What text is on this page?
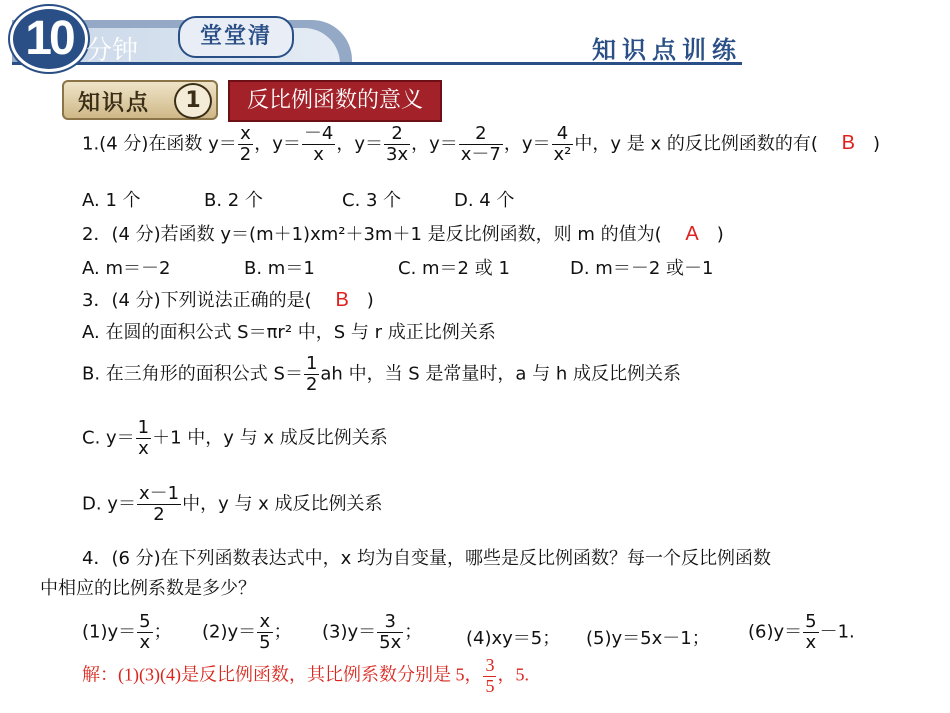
10 分钟	堂堂清	知识点训练
知识点	1	反比例函数的意义
1.(4 分)在函数 $y= \frac{x}{2}$ ，$y= \frac{-4}{x}$ ，$y= \frac{2}{3x}$ ，$y= \frac{2}{x-7}$ ，$y= \frac{4}{\text{x²}}$ 中，y 是 x 的反比例函数的有( B )
A. 1 个	B. 2 个	C. 3 个	D. 4 个
2．(4 分)若函数 y＝(m＋1)xm²＋3m＋1 是反比例函数，则 m 的值为( A )
A. m＝－2	B. m＝1	C. m＝2 或 1	D. m＝－2 或－1
3．(4 分)下列说法正确的是( B )
A. 在圆的面积公式 S＝πr² 中，S 与 r 成正比例关系
B. 在三角形的面积公式 $S= \frac{1}{2}$ ah 中，当 S 是常量时，a 与 h 成反比例关系
C. $y= \frac{1}{x} +1$ 中，y 与 x 成反比例关系
D. $y= \frac{x-1}{2}$ 中，y 与 x 成反比例关系
4．(6 分)在下列函数表达式中，x 均为自变量，哪些是反比例函数？每一个反比例函数
中相应的比例系数是多少？
$(1)y= \frac{5}{x}$ ； $(2)y= \frac{x}{5}$ ； $(3)y= \frac{3}{5x}$ ； (4)xy＝5； (5)y＝5x－1； $(6)y= \frac{5}{x} -1$.
解：(1)(3)(4)是反比例函数，其比例系数分别是 5， $\frac{3}{5}$ ，5.
